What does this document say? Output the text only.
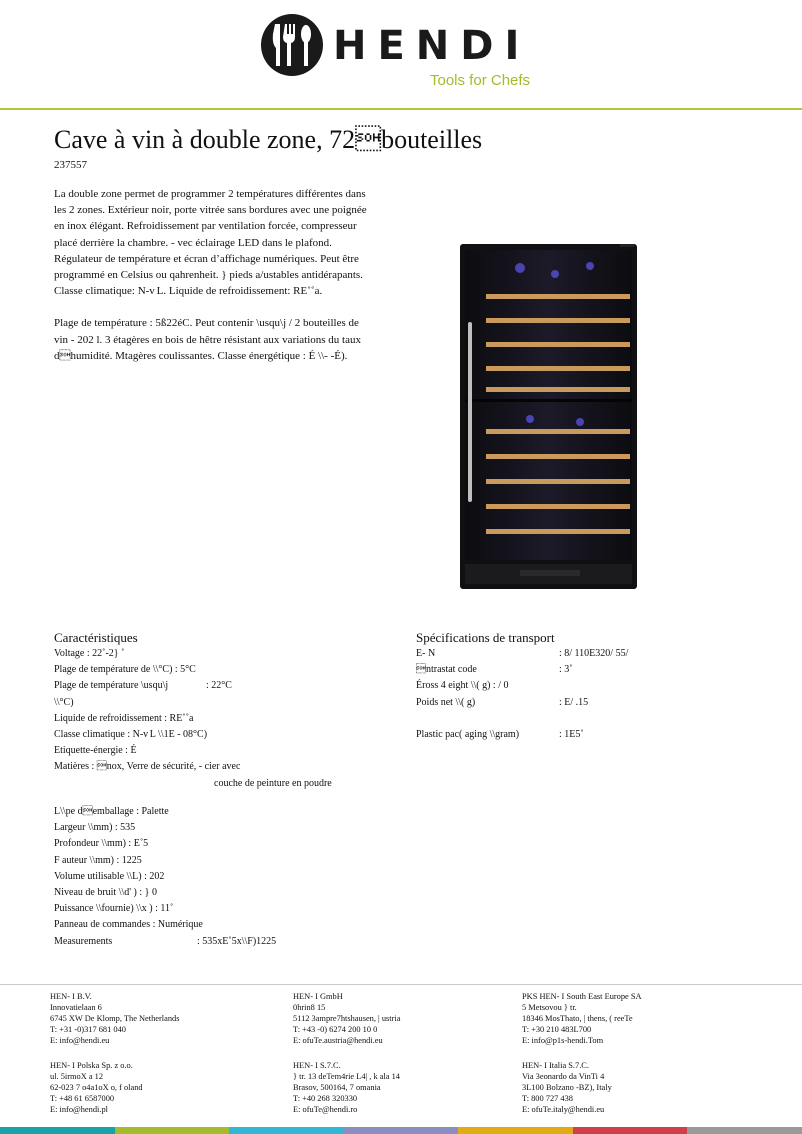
HENDI
Tools for Chefs
Cave à vin à double zone, 72bouteilles
237557

La double zone permet de programmer 2 températures différentes dans les 2 zones. Extérieur noir, porte vitrée sans bordures avec une poignée en inox élégant. Refroidissement par ventilation forcée, compresseur placé derrière la chambre. - vec éclairage LED dans le plafond. Régulateur de température et écran d’affichage numériques. Peut être programmé en Celsius ou qahrenheit. } pieds a/ustables antidérapants. Classe climatique: N-v L. Liquide de refroidissement: RE˚˚a.

Plage de température : 5ß22éC. Peut contenir \usqu\j / 2 bouteilles de vin - 202 l. 3 étagères en bois de hêtre résistant aux variations du taux dhumidité. Mtagères coulissantes. Classe énergétique : É \\- -É).

Caractéristiques
Voltage : 22˚-2} ˚
Plage de température de \\°C) : 5°C
Plage de température \usqu\j	: 22°C
\\°C)
Liquide de refroidissement : RE˚˚a
Classe climatique : N-v L \\1E - 08°C)
Etiquette-énergie : É
Matières : nox, Verre de sécurité, - cier avec
couche de peinture en poudre
Spécifications de transport
E- N	: 8/ 110E320/ 55/
ntrastat code	: 3˚
Éross 4 eight \\( g) : / 0
Poids net \\( g)	: E/ .15
Plastic pac( aging \\gram)	: 1E5˚
L\\pe demballage : Palette
Largeur \\mm) : 535
Profondeur \\mm) : E˚5
F auteur \\mm) : 1225
Volume utilisable \\L) : 202
Niveau de bruit \\d' ) : } 0
Puissance \\fournie) \\x ) : 11˚
Panneau de commandes : Numérique
Measurements	: 535xE˚5x\\F)1225
HEN- I B.V.
Innovatielaan 6
6745 XW De Klomp, The Netherlands
T: +31 -0)317 681 040
E: info@hendi.eu
HEN- I GmbH
0hrin8 15
5112 3ampre7htshausen, | ustria
T: +43 -0) 6274 200 10 0
E: ofuTe.austria@hendi.eu
PKS HEN- I South East Europe SA
5 Metsovou } tr.
18346 MosThato, | thens, ( reeTe
T: +30 210 483L700
E: info@p1s-hendi.Tom
HEN- I Polska Sp. z o.o.
ul. 5irmoX a 12
62-023 7 o4a1oX o, f oland
T: +48 61 6587000
E: info@hendi.pl
HEN- I S.7.C.
} tr. 13 deTem4rie L4| , k ala 14
Brasov, 500164, 7 omania
T: +40 268 320330
E: ofuTe@hendi.ro
HEN- I Italia S.7.C.
Via 3eonardo da VinTi 4
3L100 Bolzano -BZ), Italy
T: 800 727 438
E: ofuTe.italy@hendi.eu
